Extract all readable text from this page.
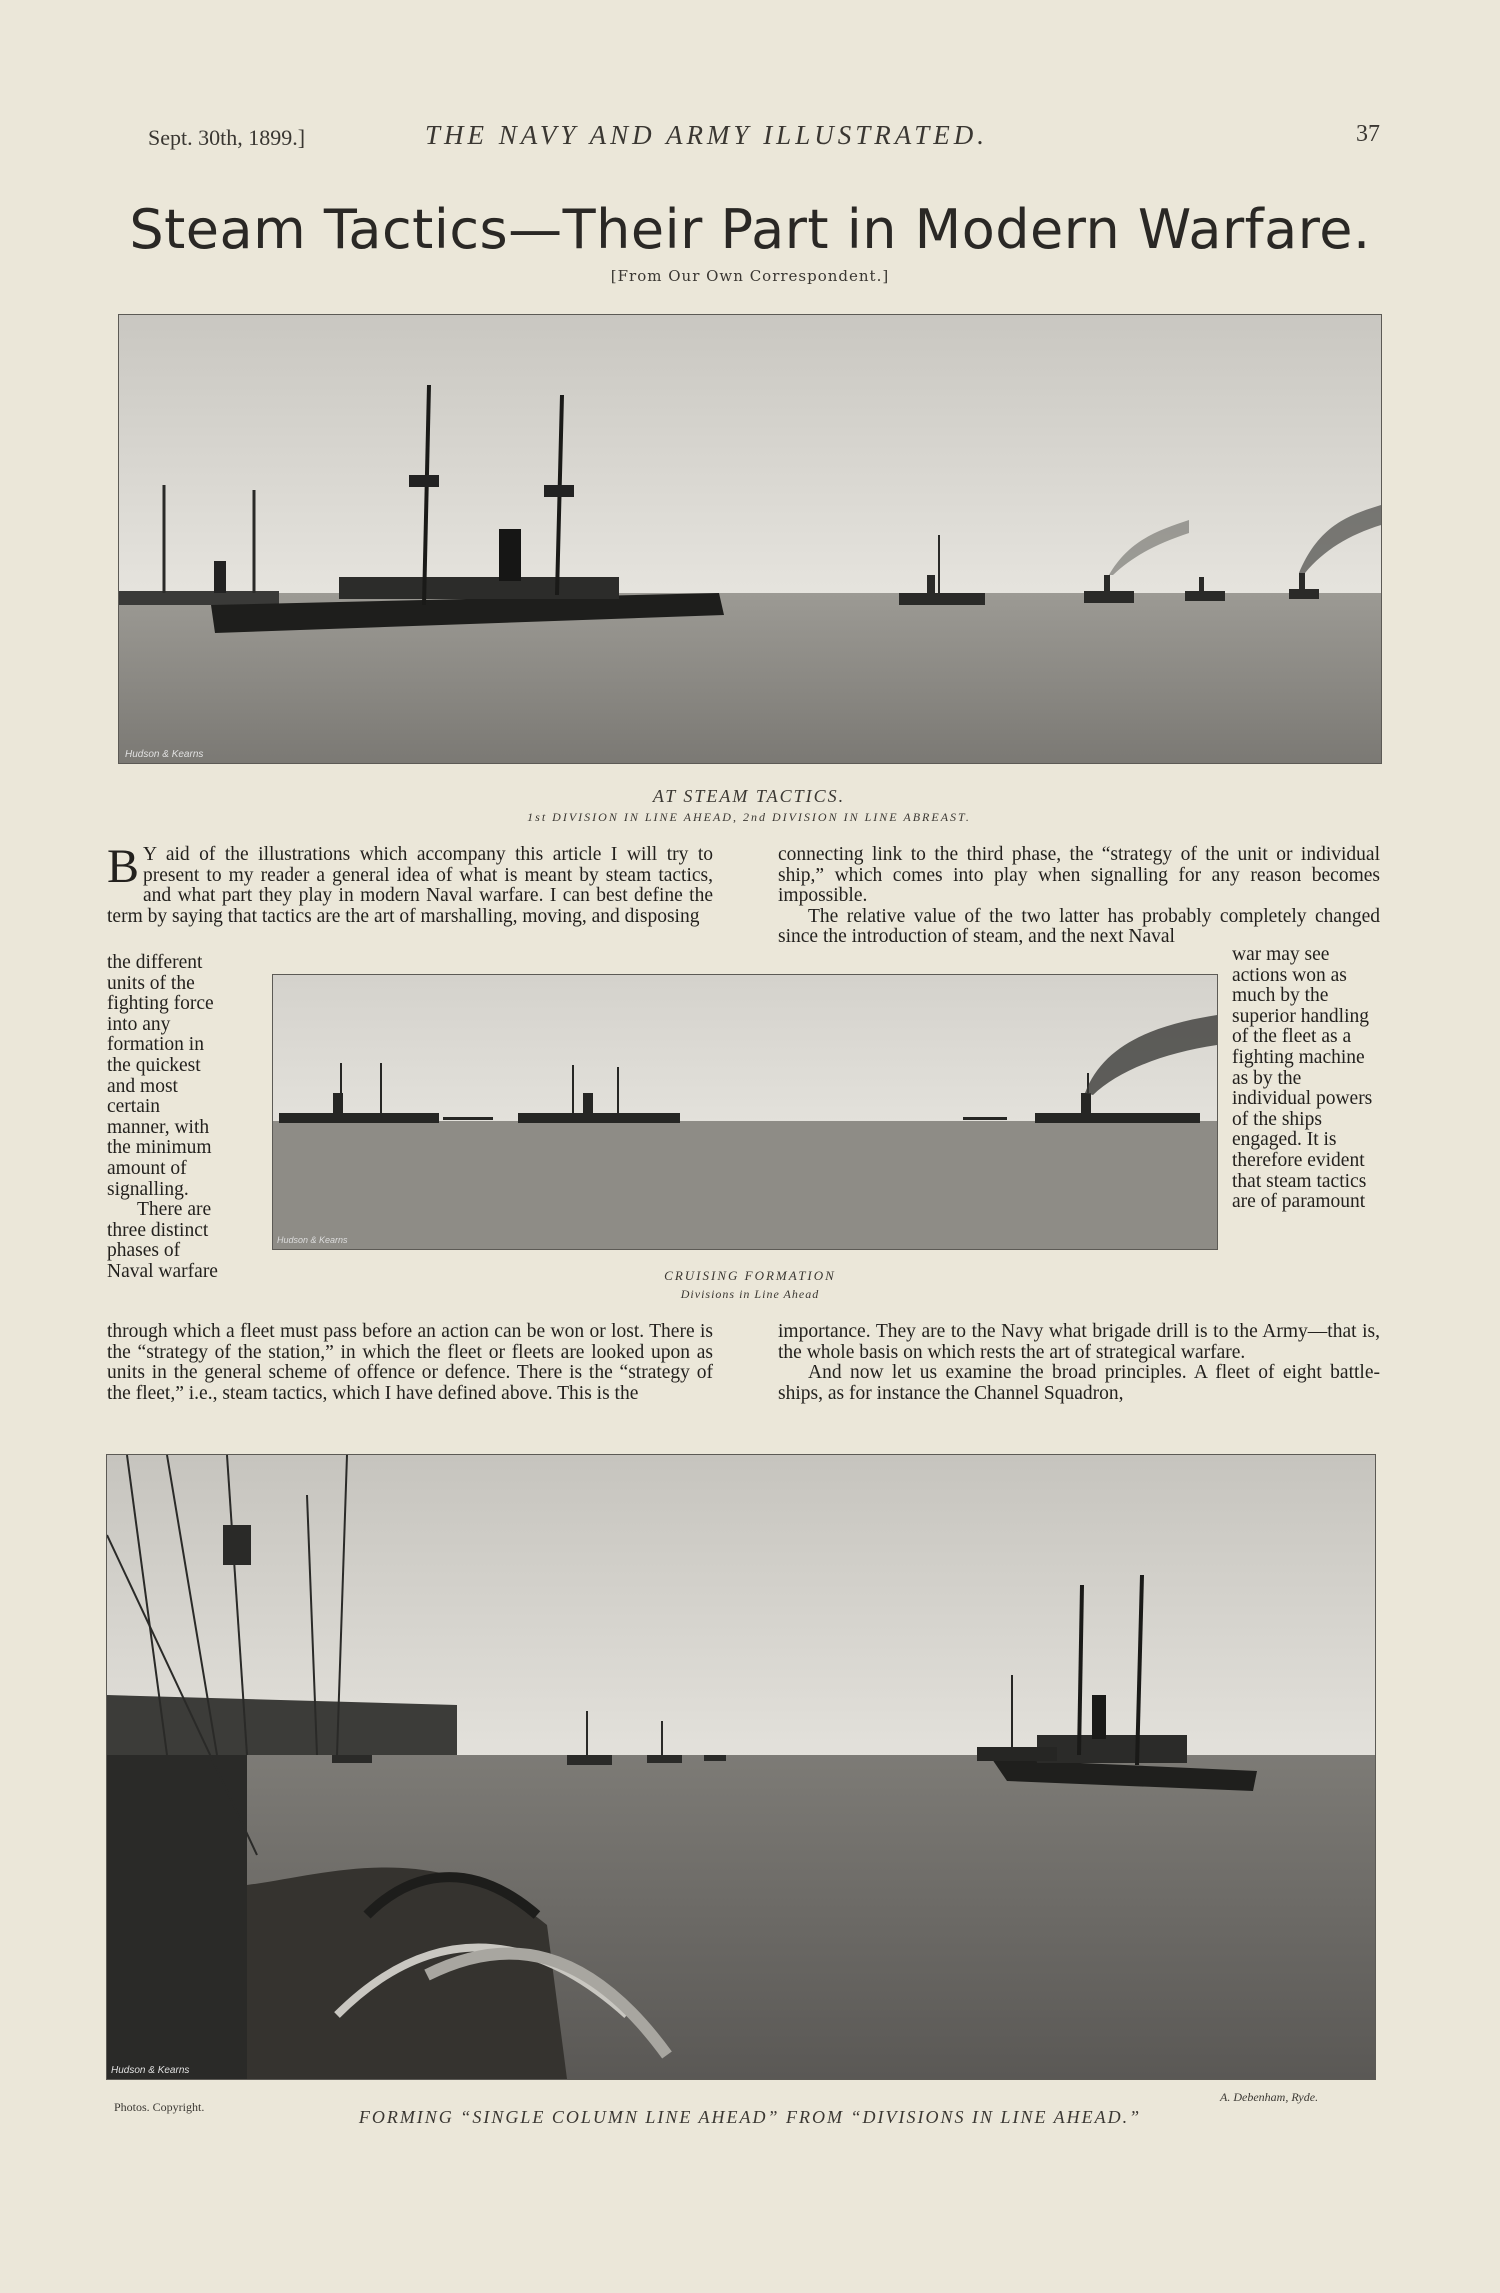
Sept. 30th, 1899.]	THE NAVY AND ARMY ILLUSTRATED.	37
Steam Tactics—Their Part in Modern Warfare.
[From Our Own Correspondent.]
Hudson & Kearns
AT STEAM TACTICS.
1st DIVISION IN LINE AHEAD, 2nd DIVISION IN LINE ABREAST.

B Y aid of the illustrations which accompany this article I will try to present to my reader a general idea of what is meant by steam tactics, and what part they play in modern Naval warfare. I can best define the term by saying that tactics are the art of marshalling, moving, and disposing

connecting link to the third phase, the “strategy of the unit or individual ship,” which comes into play when signalling for any reason becomes impossible.

The relative value of the two latter has probably completely changed since the introduction of steam, and the next Naval

the different units of the fighting force into any formation in the quickest and most certain manner, with the minimum amount of signalling.

There are three distinct phases of Naval warfare

Hudson & Kearns
CRUISING FORMATION
Divisions in Line Ahead

war may see actions won as much by the superior handling of the fleet as a fighting machine as by the individual powers of the ships engaged. It is therefore evident that steam tactics are of paramount

through which a fleet must pass before an action can be won or lost. There is the “strategy of the station,” in which the fleet or fleets are looked upon as units in the general scheme of offence or defence. There is the “strategy of the fleet,” i.e., steam tactics, which I have defined above. This is the

importance. They are to the Navy what brigade drill is to the Army—that is, the whole basis on which rests the art of strategical warfare.

And now let us examine the broad principles. A fleet of eight battle-ships, as for instance the Channel Squadron,

Hudson & Kearns
Photos. Copyright.	FORMING “SINGLE COLUMN LINE AHEAD” FROM “DIVISIONS IN LINE AHEAD.”
A. Debenham, Ryde.
